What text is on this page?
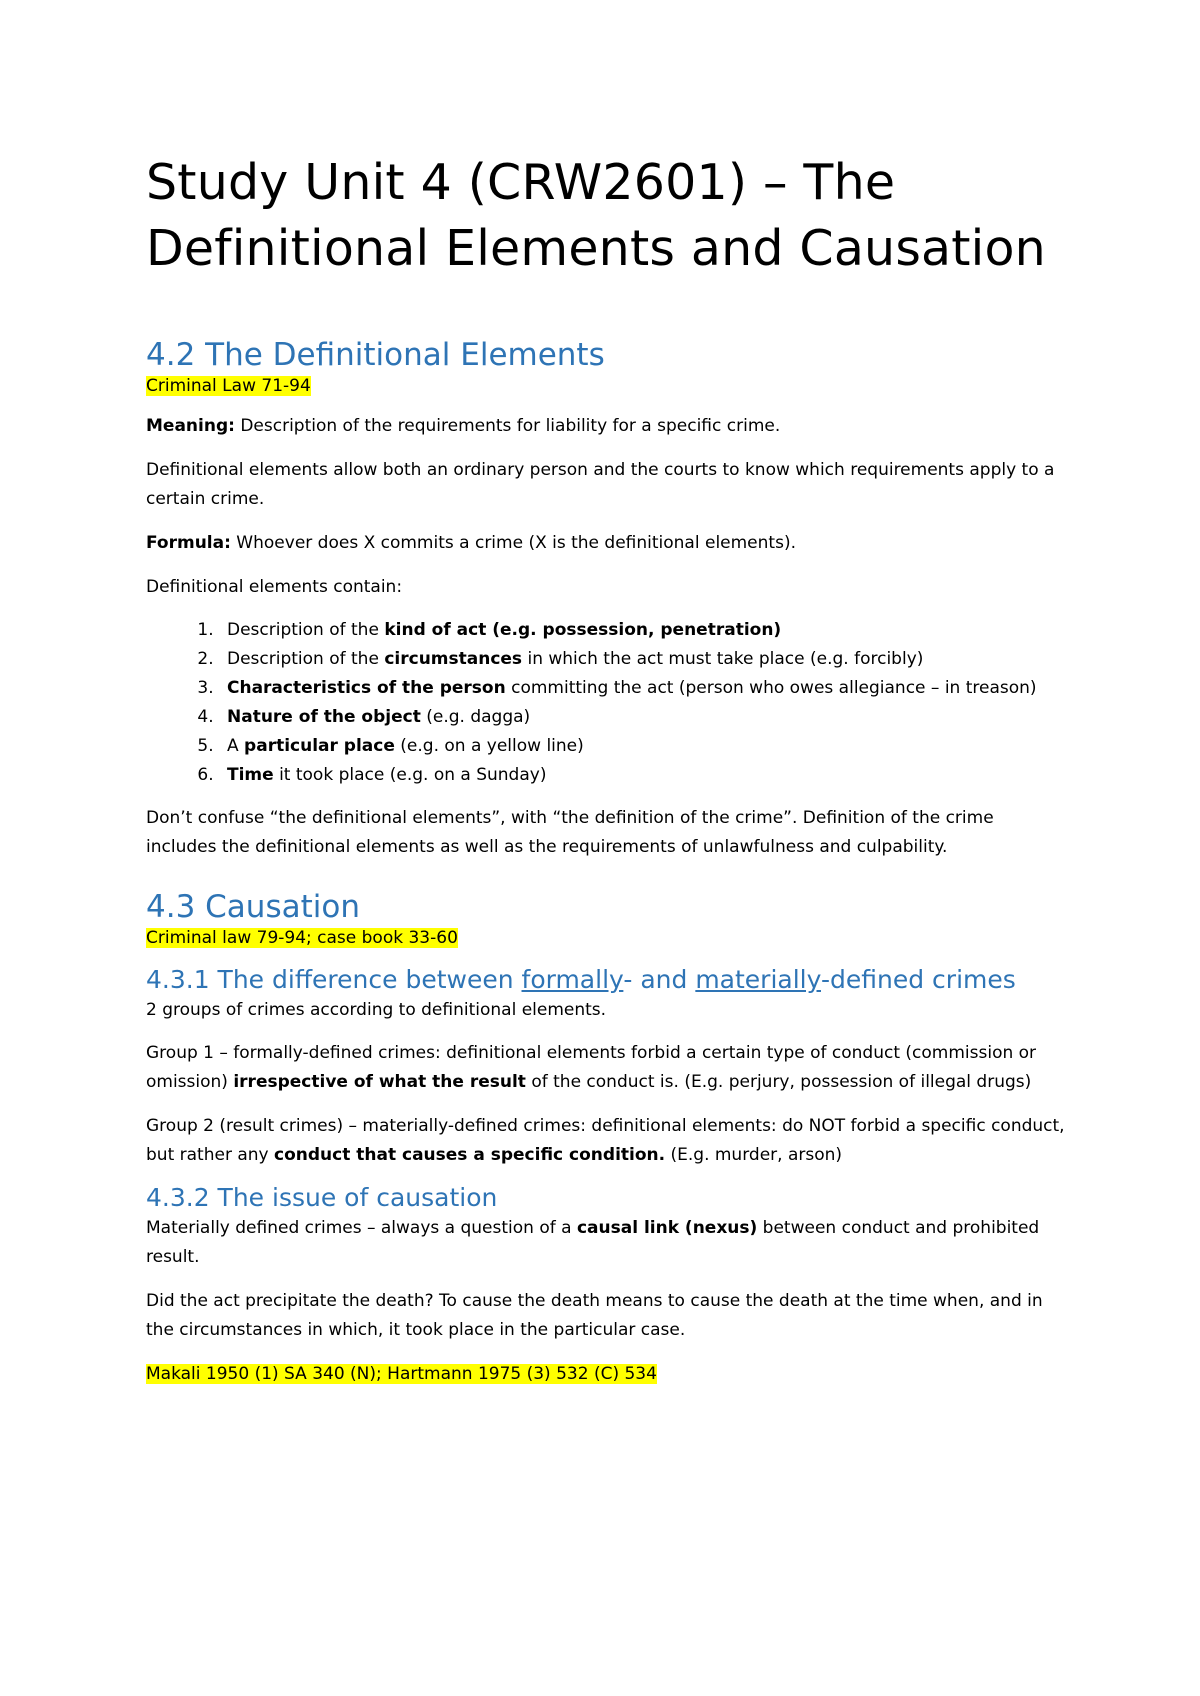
Study Unit 4 (CRW2601) – The Definitional Elements and Causation
4.2 The Definitional Elements
Criminal Law 71-94

Meaning: Description of the requirements for liability for a specific crime.

Definitional elements allow both an ordinary person and the courts to know which requirements apply to a certain crime.

Formula: Whoever does X commits a crime (X is the definitional elements).

Definitional elements contain:

1. Description of the kind of act (e.g. possession, penetration)
2. Description of the circumstances in which the act must take place (e.g. forcibly)
3. Characteristics of the person committing the act (person who owes allegiance – in treason)
4. Nature of the object (e.g. dagga)
5. A particular place (e.g. on a yellow line)
6. Time it took place (e.g. on a Sunday)

Don’t confuse “the definitional elements”, with “the definition of the crime”. Definition of the crime includes the definitional elements as well as the requirements of unlawfulness and culpability.

4.3 Causation
Criminal law 79-94; case book 33-60
4.3.1 The difference between formally- and materially-defined crimes

2 groups of crimes according to definitional elements.

Group 1 – formally-defined crimes: definitional elements forbid a certain type of conduct (commission or omission) irrespective of what the result of the conduct is. (E.g. perjury, possession of illegal drugs)

Group 2 (result crimes) – materially-defined crimes: definitional elements: do NOT forbid a specific conduct, but rather any conduct that causes a specific condition. (E.g. murder, arson)

4.3.2 The issue of causation

Materially defined crimes – always a question of a causal link (nexus) between conduct and prohibited result.

Did the act precipitate the death? To cause the death means to cause the death at the time when, and in the circumstances in which, it took place in the particular case.

Makali 1950 (1) SA 340 (N); Hartmann 1975 (3) 532 (C) 534
